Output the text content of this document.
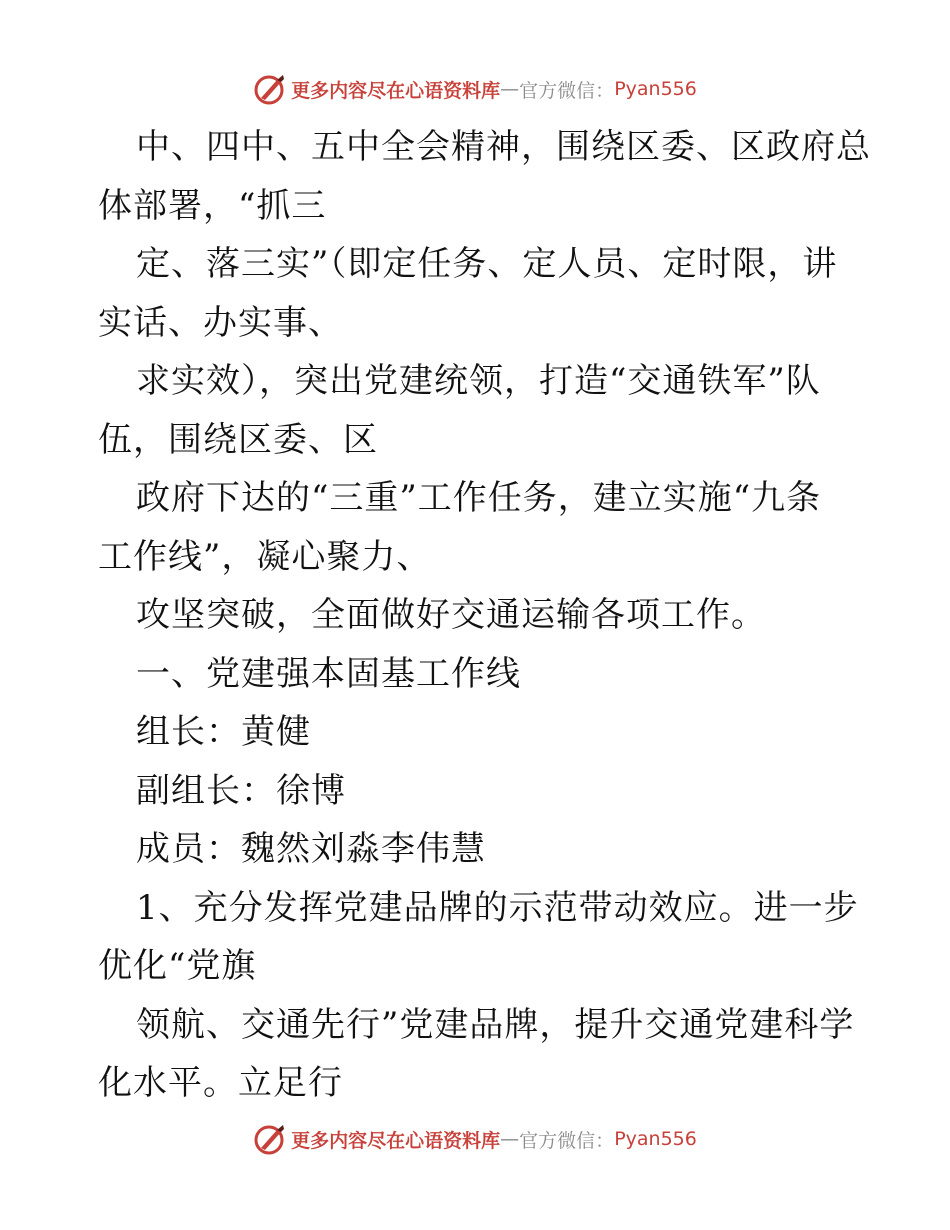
更多内容尽在心语资料库 — 官方微信： Pyan556
中、四中、五中全会精神，围绕区委、区政府总
体部署，“抓三
定、落三实”（即定任务、定人员、定时限，讲
实话、办实事、
求实效），突出党建统领，打造“交通铁军”队
伍，围绕区委、区
政府下达的“三重”工作任务，建立实施“九条
工作线”，凝心聚力、
攻坚突破，全面做好交通运输各项工作。
一、党建强本固基工作线
组长：黄健
副组长：徐博
成员：魏然刘淼李伟慧
1、充分发挥党建品牌的示范带动效应。进一步
优化“党旗
领航、交通先行”党建品牌，提升交通党建科学
化水平。立足行
更多内容尽在心语资料库 — 官方微信： Pyan556
